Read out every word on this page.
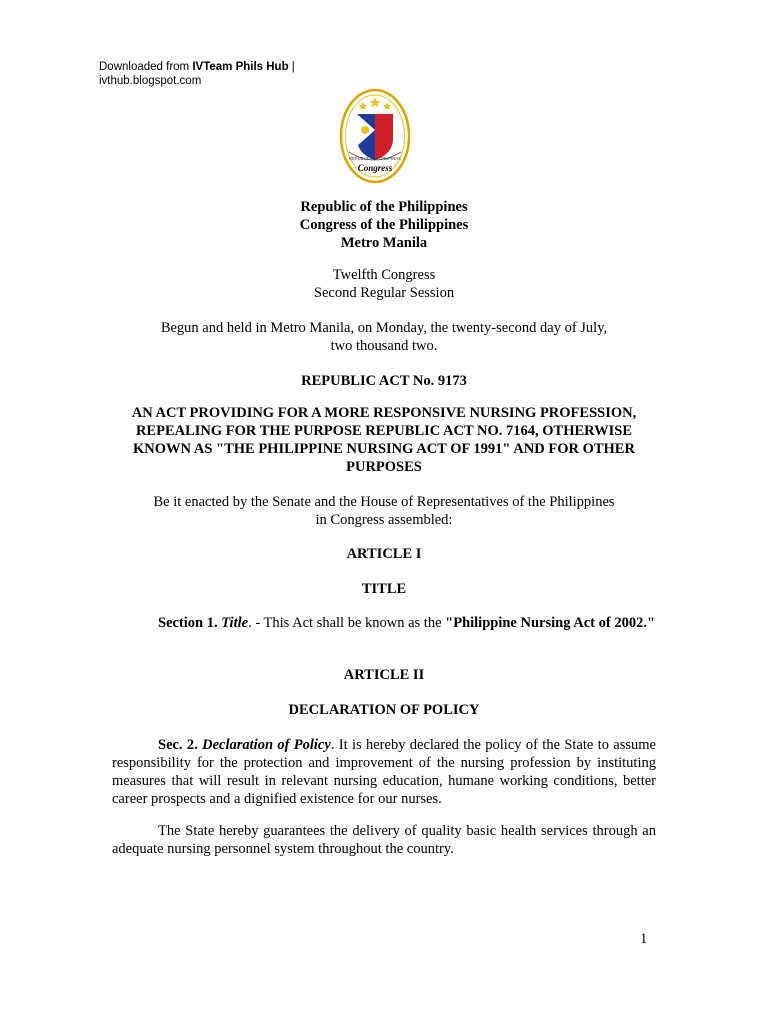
Downloaded from IVTeam Phils Hub |
ivthub.blogspot.com
REPUBLIKA NG PILIPINAS
Congress
Republic of the Philippines
Congress of the Philippines
Metro Manila
Twelfth Congress
Second Regular Session
Begun and held in Metro Manila, on Monday, the twenty-second day of July,
two thousand two.
REPUBLIC ACT No. 9173
AN ACT PROVIDING FOR A MORE RESPONSIVE NURSING PROFESSION,
REPEALING FOR THE PURPOSE REPUBLIC ACT NO. 7164, OTHERWISE
KNOWN AS "THE PHILIPPINE NURSING ACT OF 1991" AND FOR OTHER
PURPOSES
Be it enacted by the Senate and the House of Representatives of the Philippines
in Congress assembled:
ARTICLE I
TITLE
Section 1. Title. - This Act shall be known as the "Philippine Nursing Act of 2002."
ARTICLE II
DECLARATION OF POLICY
Sec. 2. Declaration of Policy. It is hereby declared the policy of the State to assume responsibility for the protection and improvement of the nursing profession by instituting measures that will result in relevant nursing education, humane working conditions, better career prospects and a dignified existence for our nurses.
The State hereby guarantees the delivery of quality basic health services through an adequate nursing personnel system throughout the country.
1
